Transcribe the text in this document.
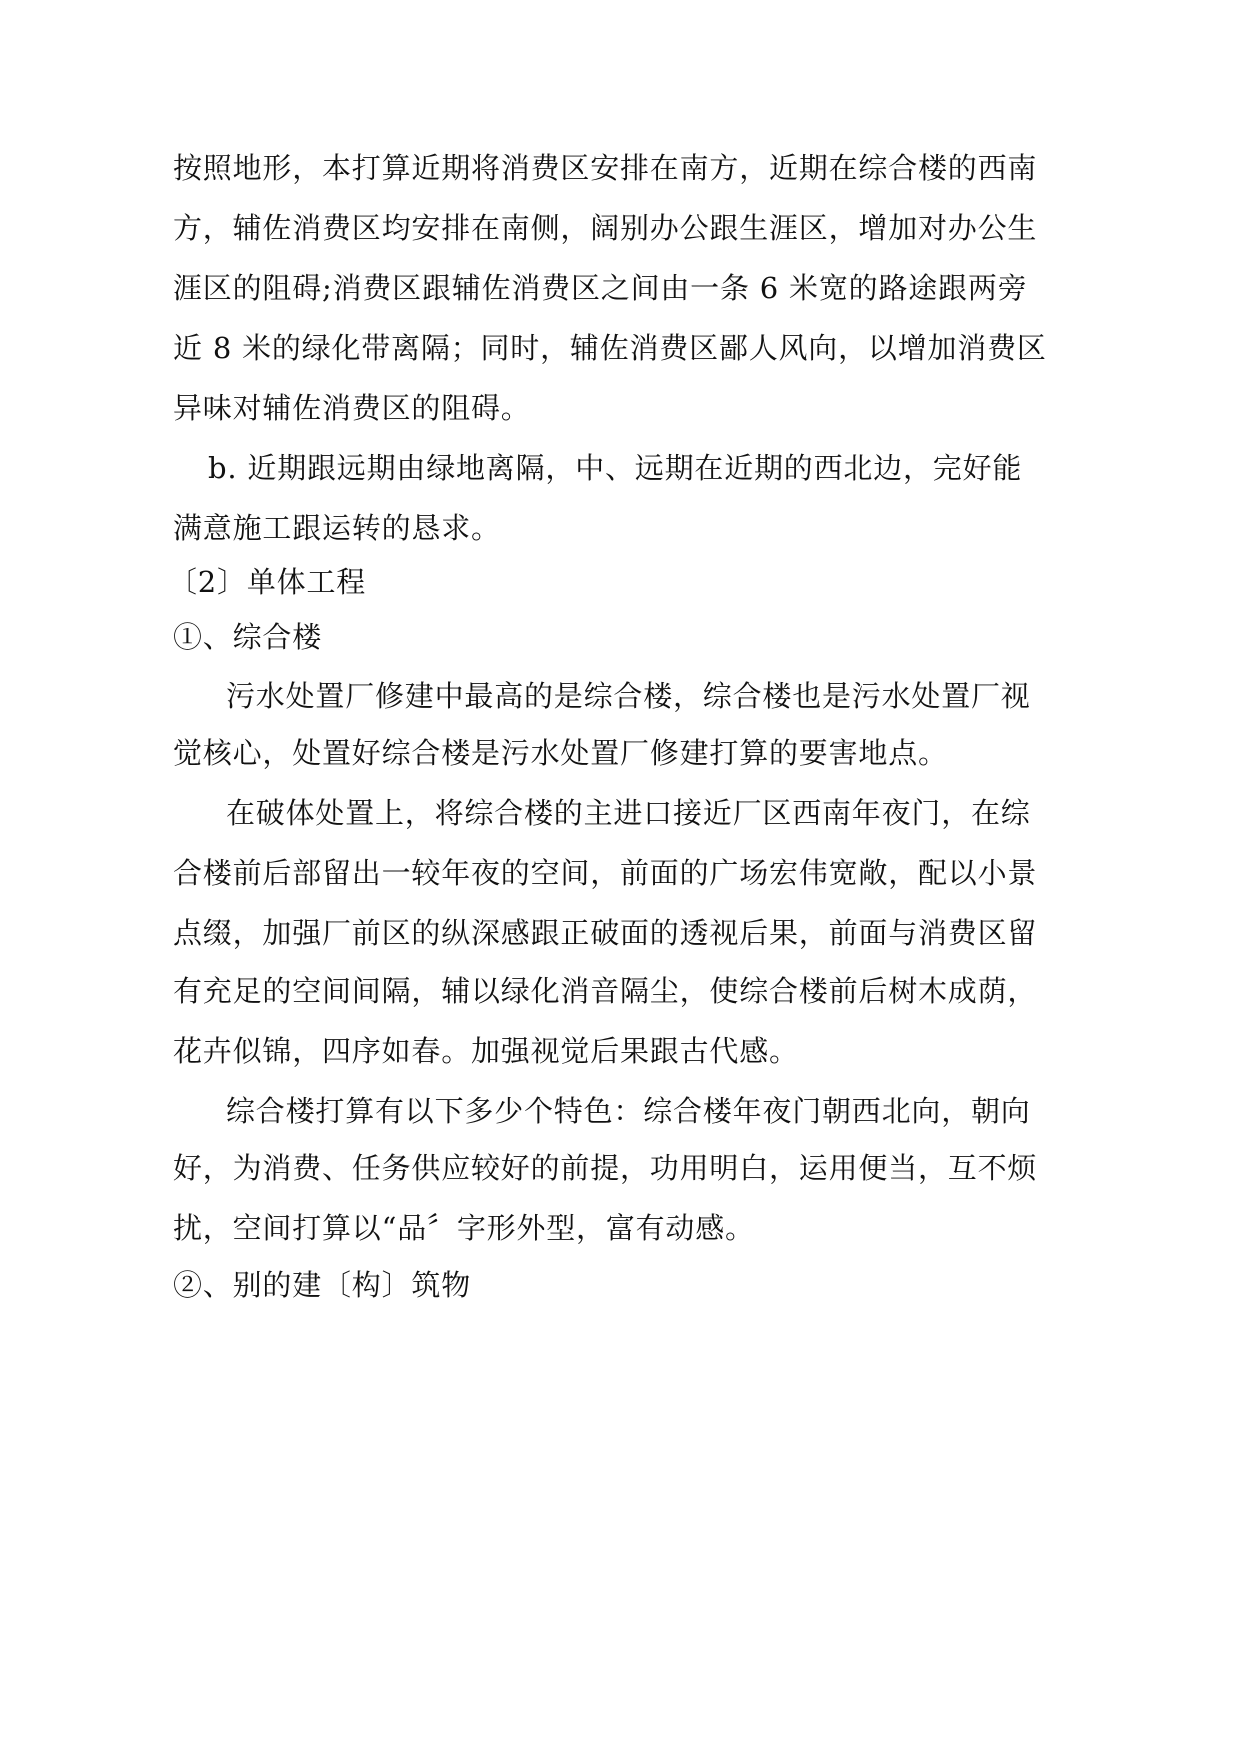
按照地形，本打算近期将消费区安排在南方，近期在综合楼的西南
方，辅佐消费区均安排在南侧，阔别办公跟生涯区，增加对办公生
涯区的阻碍;消费区跟辅佐消费区之间由一条 6 米宽的路途跟两旁
近 8 米的绿化带离隔；同时，辅佐消费区鄙人风向，以增加消费区
异味对辅佐消费区的阻碍。
b. 近期跟远期由绿地离隔，中、远期在近期的西北边，完好能
满意施工跟运转的恳求。
〔2〕单体工程
①、综合楼
污水处置厂修建中最高的是综合楼，综合楼也是污水处置厂视
觉核心，处置好综合楼是污水处置厂修建打算的要害地点。
在破体处置上，将综合楼的主进口接近厂区西南年夜门，在综
合楼前后部留出一较年夜的空间，前面的广场宏伟宽敞，配以小景
点缀，加强厂前区的纵深感跟正破面的透视后果，前面与消费区留
有充足的空间间隔，辅以绿化消音隔尘，使综合楼前后树木成荫，
花卉似锦，四序如春。加强视觉后果跟古代感。
综合楼打算有以下多少个特色：综合楼年夜门朝西北向，朝向
好，为消费、任务供应较好的前提，功用明白，运用便当，互不烦
扰，空间打算以“品〞字形外型，富有动感。
②、别的建〔构〕筑物
